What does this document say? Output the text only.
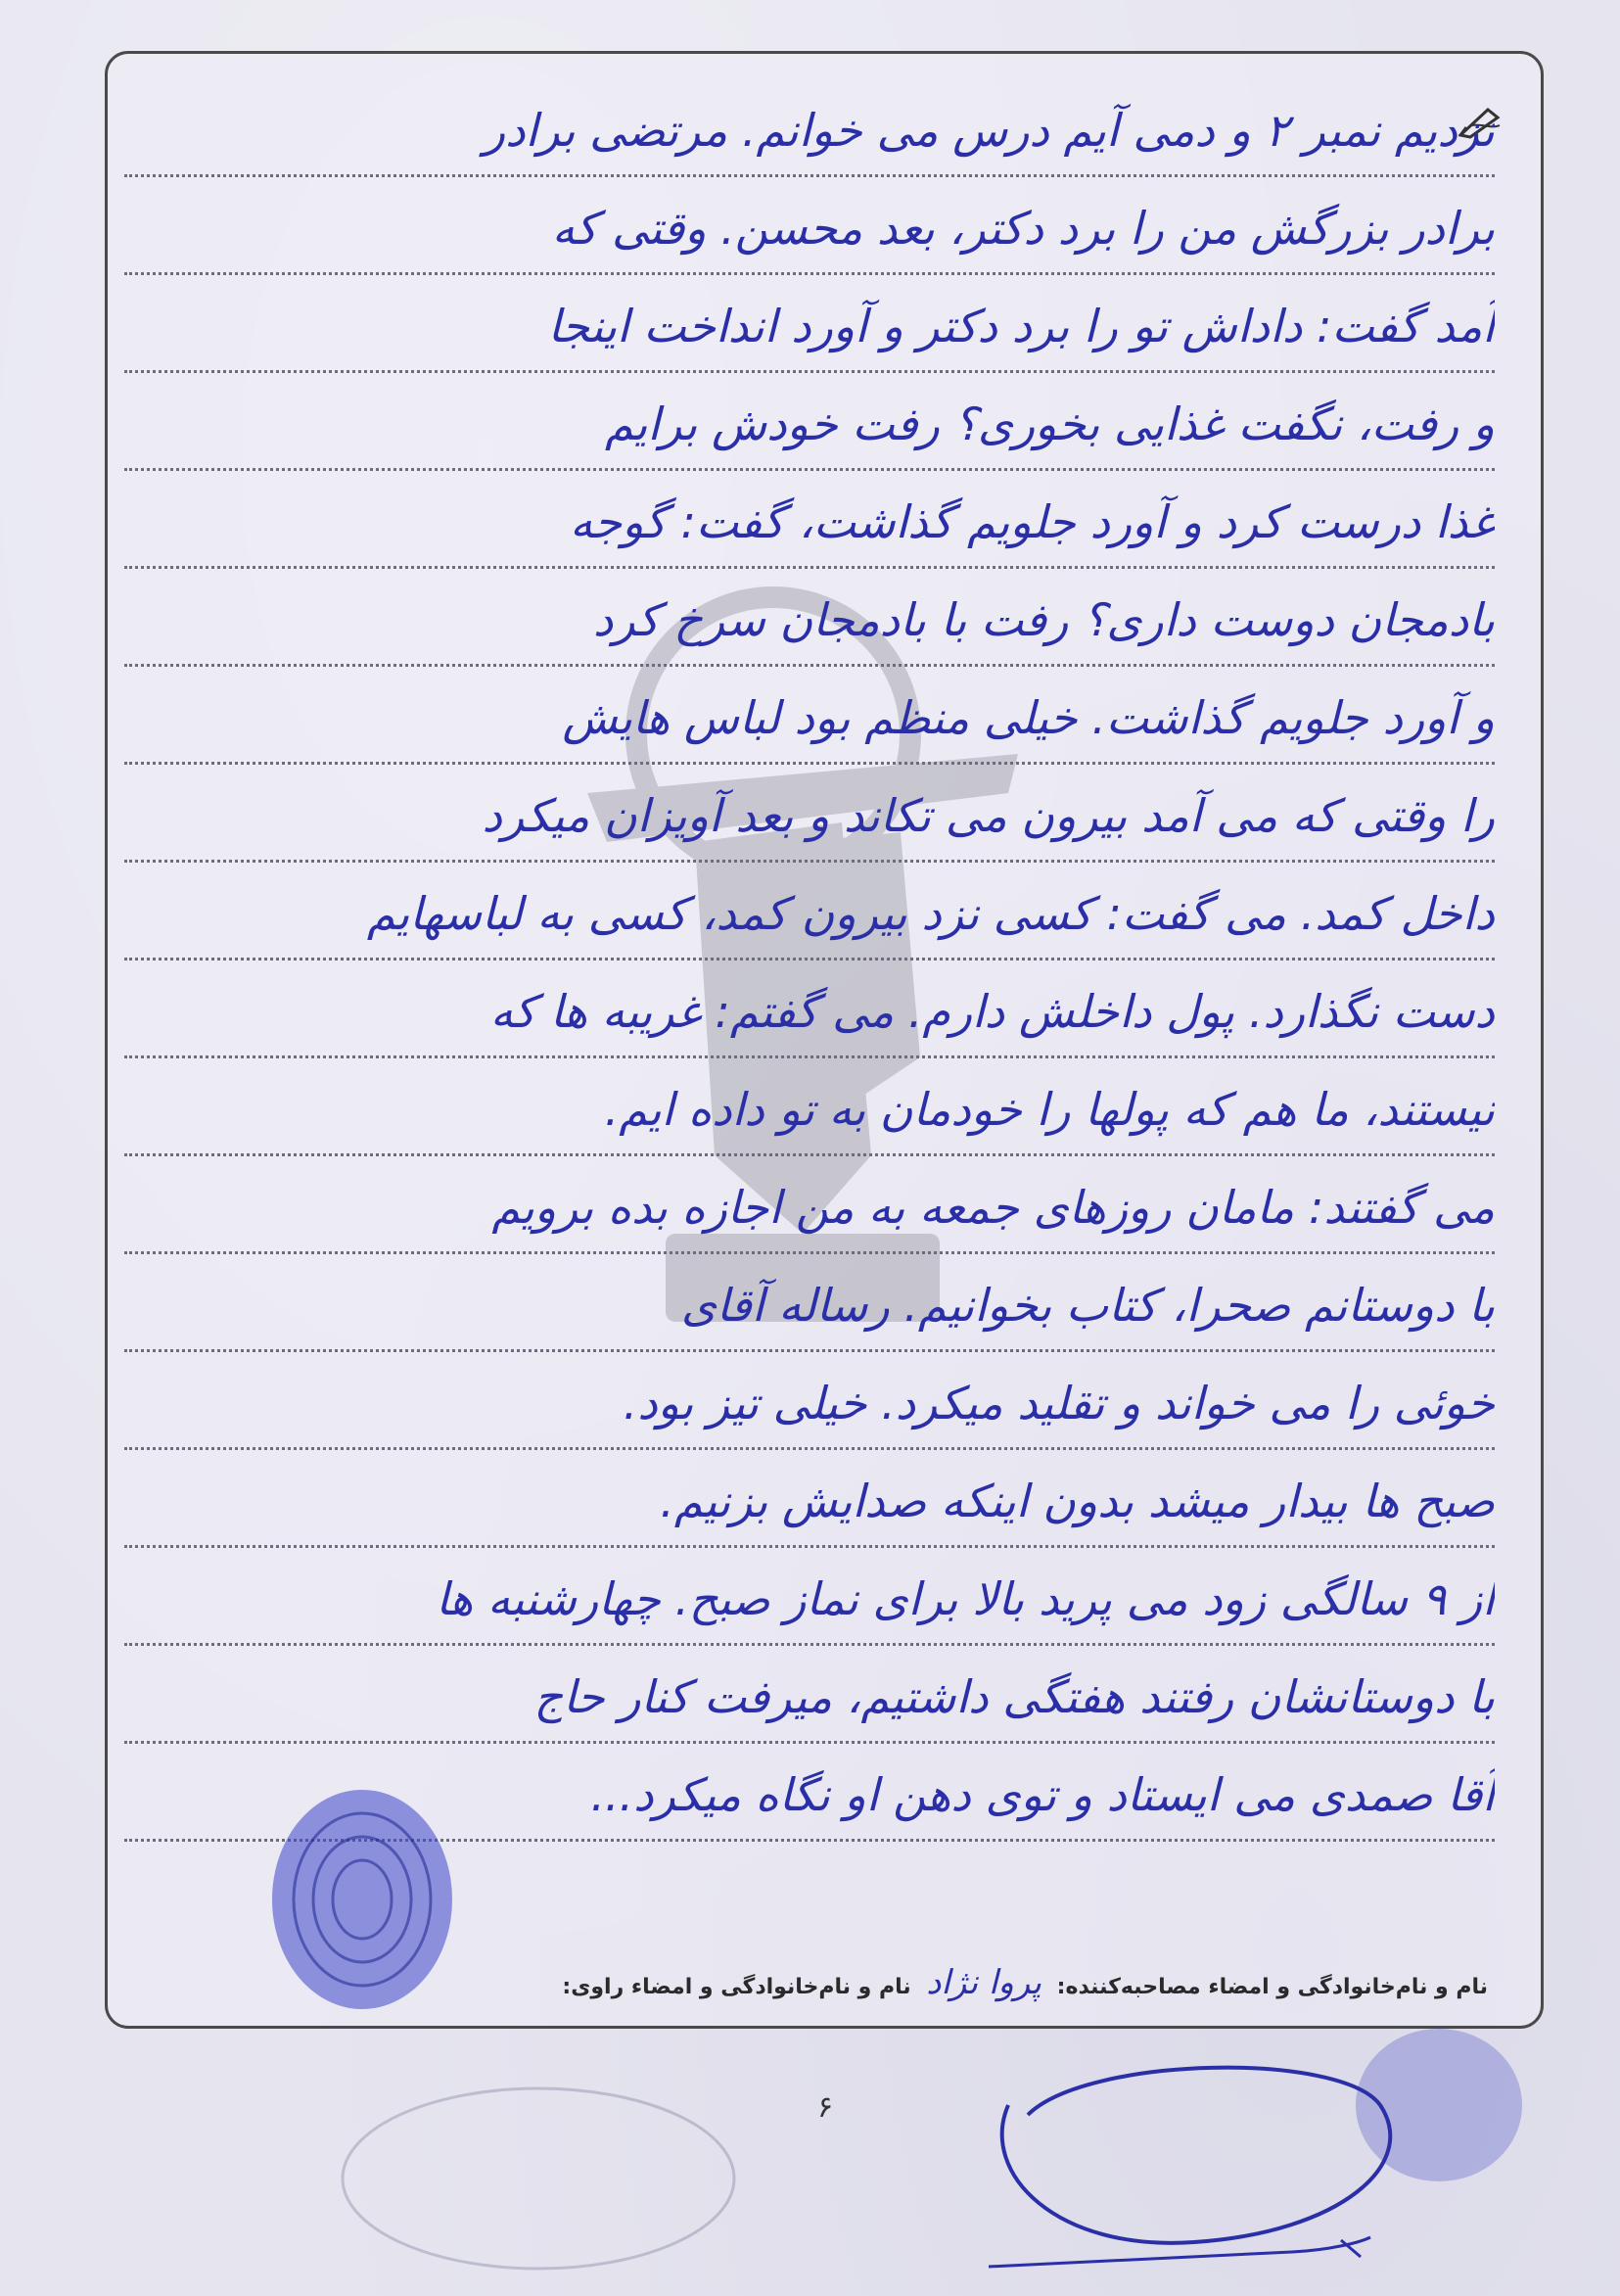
نزدیم نمبر ۲ و دمی آیم درس می خوانم. مرتضی برادر
برادر بزرگش من را برد دکتر، بعد محسن. وقتی که
آمد گفت: داداش تو را برد دکتر و آورد انداخت اینجا
و رفت، نگفت غذایی بخوری؟ رفت خودش برایم
غذا درست کرد و آورد جلویم گذاشت، گفت: گوجه
بادمجان دوست داری؟ رفت با بادمجان سرخ کرد
و آورد جلویم گذاشت. خیلی منظم بود لباس هایش
را وقتی که می آمد بیرون می تکاند و بعد آویزان میکرد
داخل کمد. می گفت: کسی نزد بیرون کمد، کسی به لباسهایم
دست نگذارد. پول داخلش دارم. می گفتم: غریبه ها که
نیستند، ما هم که پولها را خودمان به تو داده ایم.
می گفتند: مامان روزهای جمعه به من اجازه بده برویم
با دوستانم صحرا، کتاب بخوانیم. رساله آقای
خوئی را می خواند و تقلید میکرد. خیلی تیز بود.
صبح ها بیدار میشد بدون اینکه صدایش بزنیم.
از ۹ سالگی زود می پرید بالا برای نماز صبح. چهارشنبه ها
با دوستانشان رفتند هفتگی داشتیم، میرفت کنار حاج
آقا صمدی می ایستاد و توی دهن او نگاه میکرد...
نام و نام‌خانوادگی و امضاء مصاحبه‌کننده: پروا نژاد نام و نام‌خانوادگی و امضاء راوی:
۶
